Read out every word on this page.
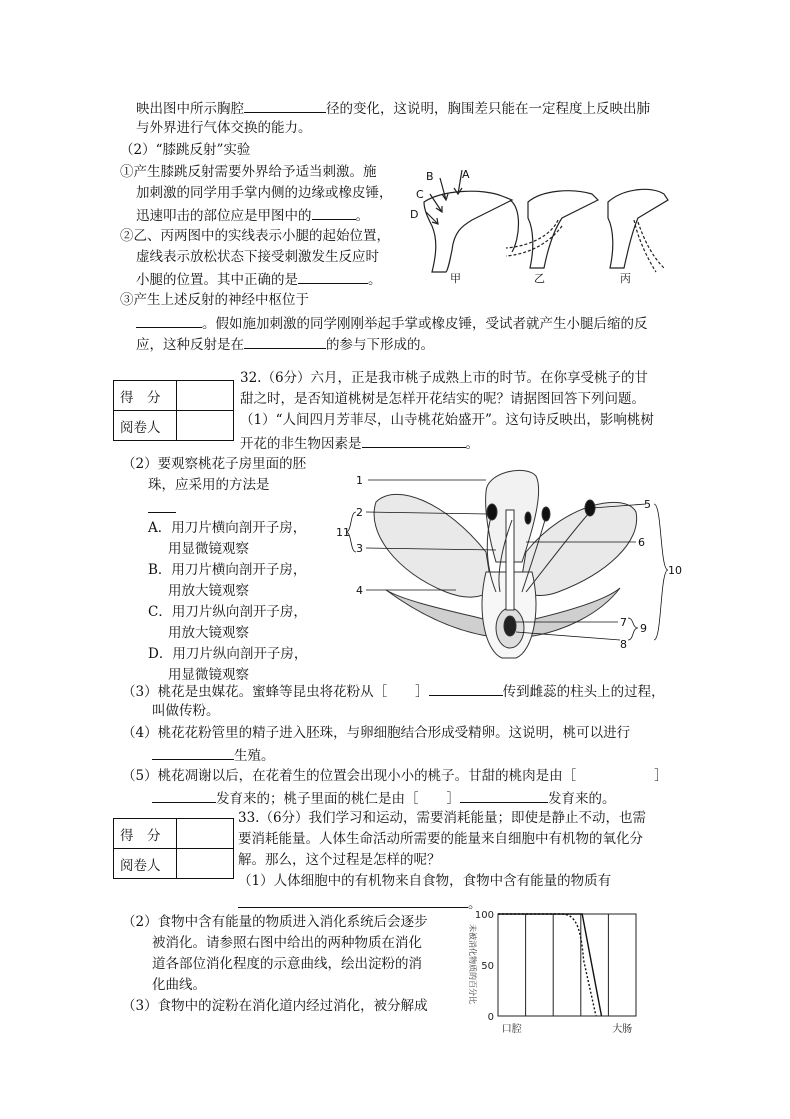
映出图中所示胸腔	径的变化，这说明，胸围差只能在一定程度上反映出肺
与外界进行气体交换的能力。
（2）“膝跳反射”实验
①产生膝跳反射需要外界给予适当刺激。施
加刺激的同学用手掌内侧的边缘或橡皮锤，
迅速叩击的部位应是甲图中的	。
②乙、丙两图中的实线表示小腿的起始位置，
虚线表示放松状态下接受刺激发生反应时
小腿的位置。其中正确的是	。
③产生上述反射的神经中枢位于
。假如施加刺激的同学刚刚举起手掌或橡皮锤，受试者就产生小腿后缩的反
应，这种反射是在	的参与下形成的。
A
B
C
D
甲	乙	丙
得　分	
阅卷人	
32.（6分）六月，正是我市桃子成熟上市的时节。在你享受桃子的甘
甜之时，是否知道桃树是怎样开花结实的呢？请据图回答下列问题。
（1）“人间四月芳菲尽，山寺桃花始盛开”。这句诗反映出，影响桃树
开花的非生物因素是	。
（2）要观察桃花子房里面的胚
珠，应采用的方法是
A．用刀片横向剖开子房，
用显微镜观察
B．用刀片横向剖开子房，
用放大镜观察
C．用刀片纵向剖开子房，
用放大镜观察
D．用刀片纵向剖开子房，
用显微镜观察
1
2
3
4
5
6
7
8
9
10
11
（3）桃花是虫媒花。蜜蜂等昆虫将花粉从［ ］	传到雌蕊的柱头上的过程，
叫做传粉。
（4）桃花花粉管里的精子进入胚珠，与卵细胞结合形成受精卵。这说明，桃可以进行
生殖。
（5）桃花凋谢以后，在花着生的位置会出现小小的桃子。甘甜的桃肉是由［	］
发育来的；桃子里面的桃仁是由［ ］	发育来的。
得　分	
阅卷人	
33.（6分）我们学习和运动，需要消耗能量；即使是静止不动，也需
要消耗能量。人体生命活动所需要的能量来自细胞中有机物的氧化分
解。那么，这个过程是怎样的呢？
（1）人体细胞中的有机物来自食物，食物中含有能量的物质有
。
（2）食物中含有能量的物质进入消化系统后会逐步
被消化。请参照右图中给出的两种物质在消化
道各部位消化程度的示意曲线，绘出淀粉的消
化曲线。
（3）食物中的淀粉在消化道内经过消化，被分解成
未被消化物质的百分比
0
50
100
口腔	大肠
